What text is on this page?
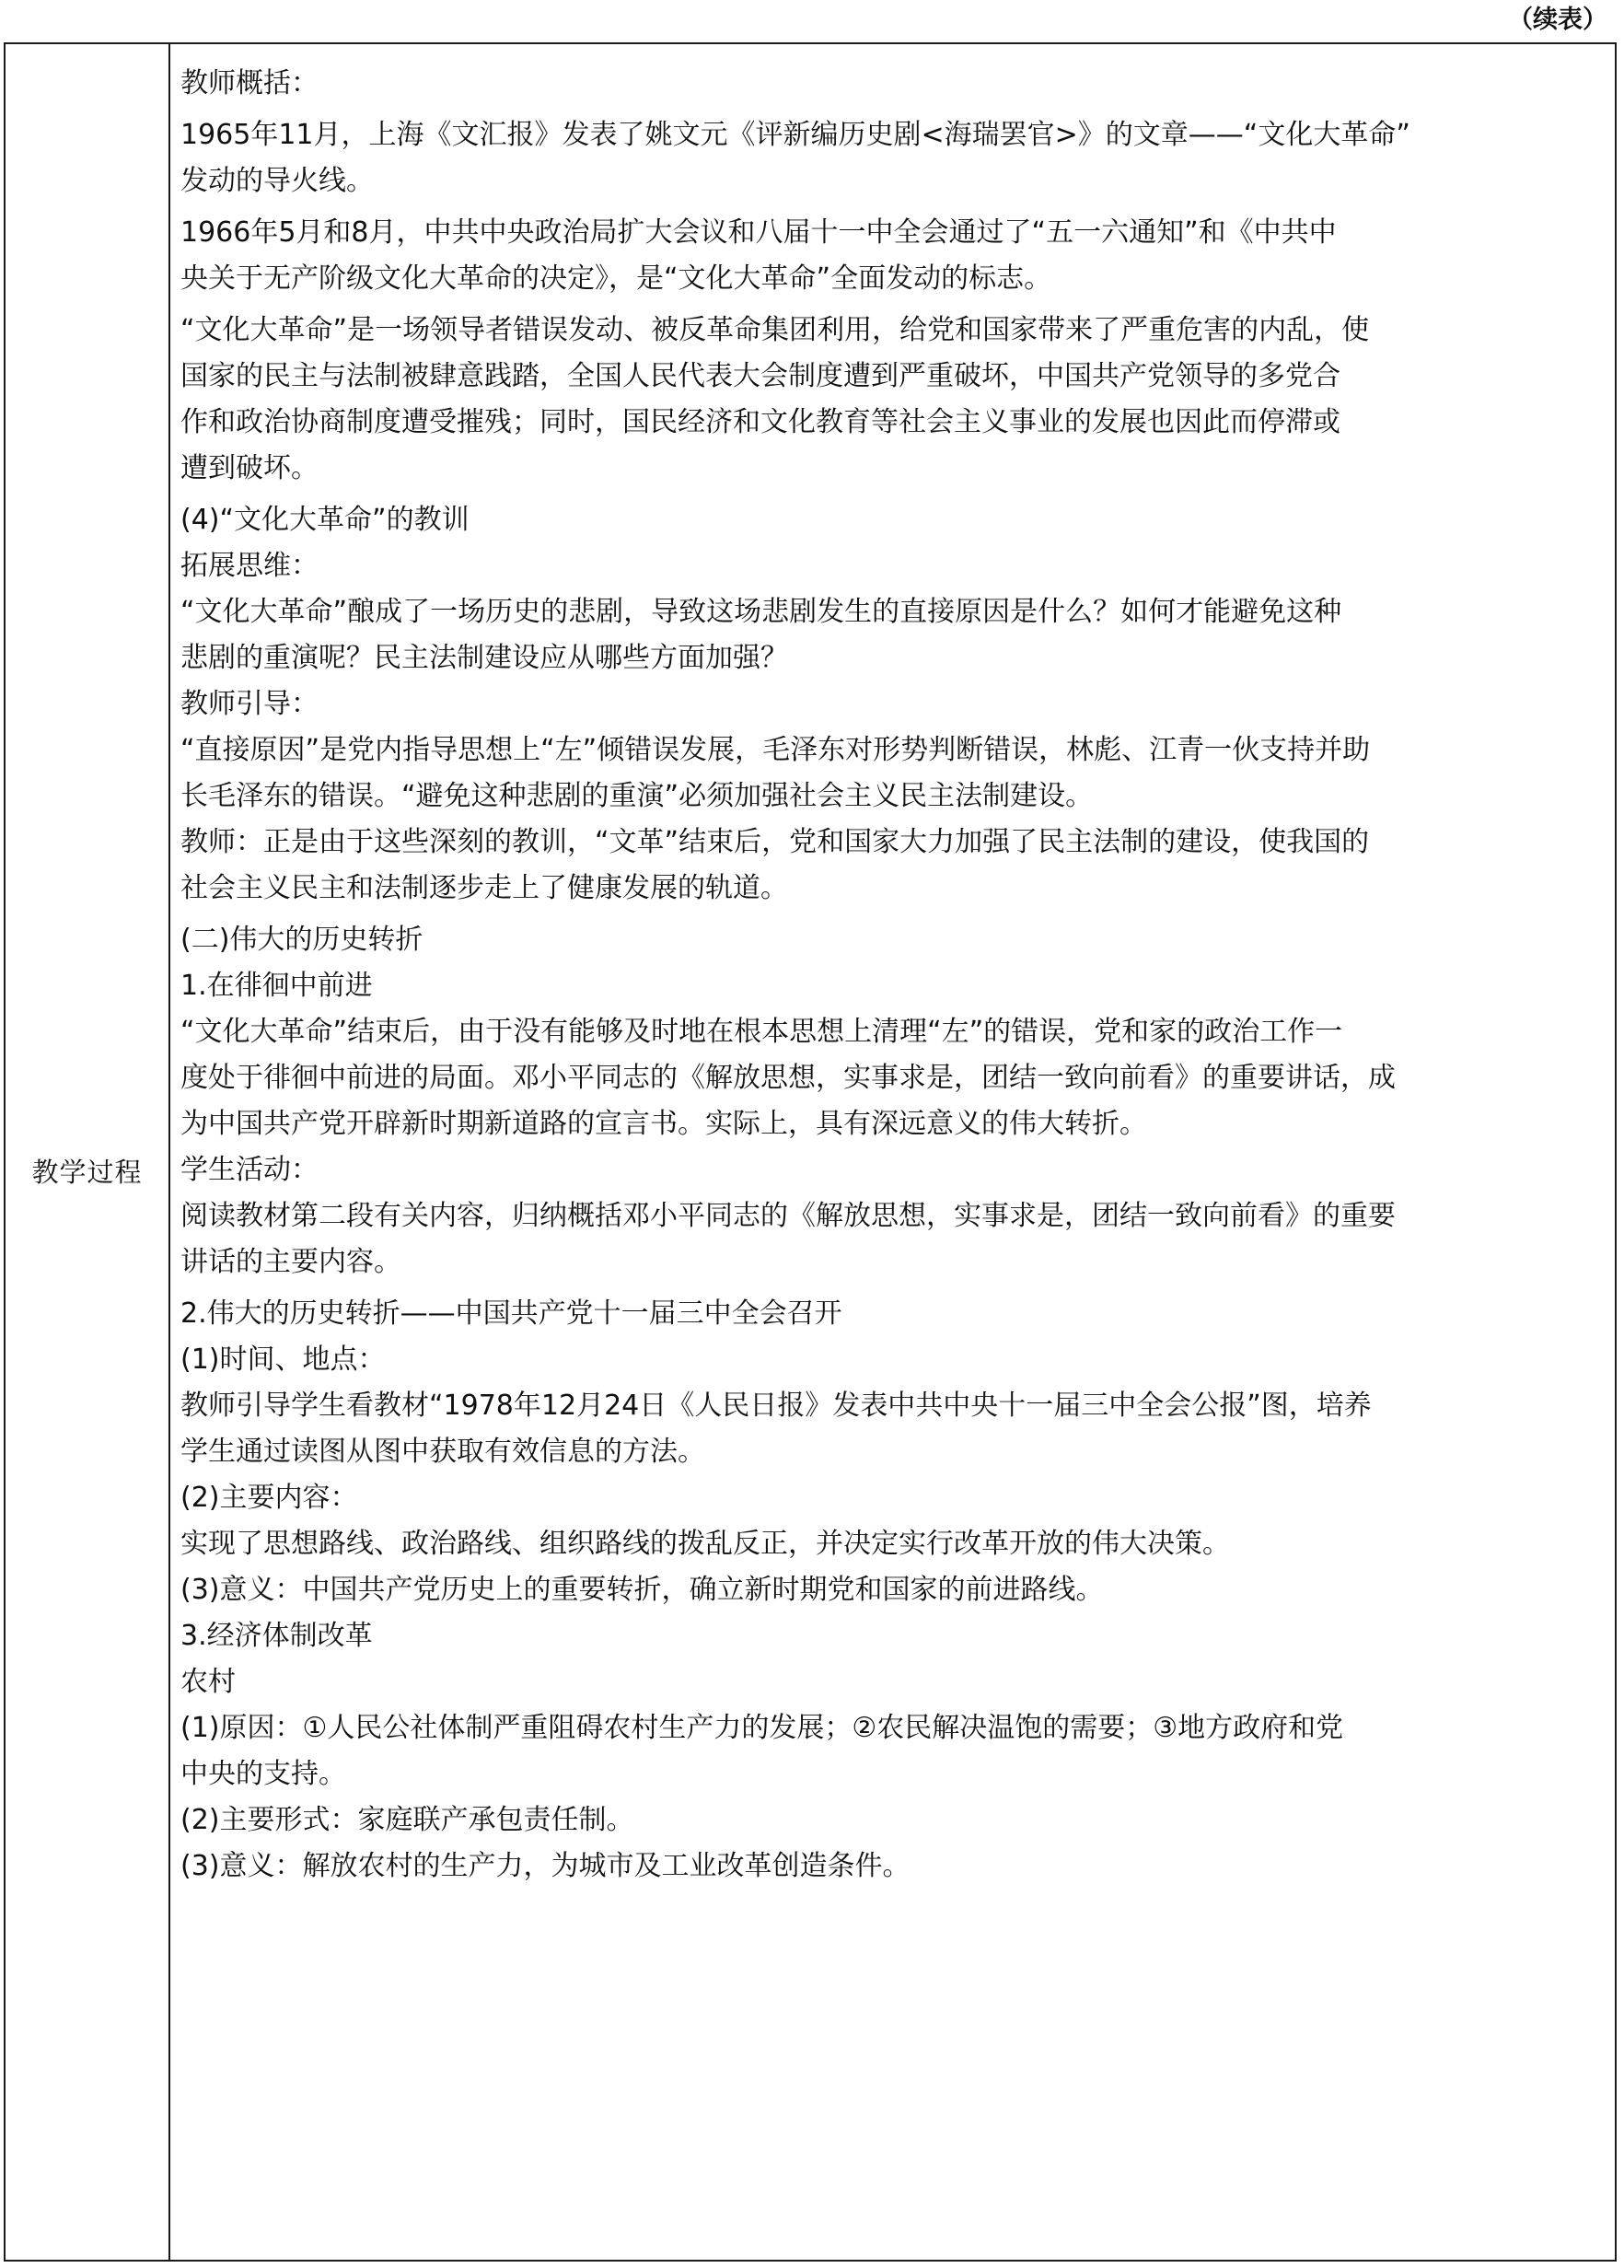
（续表）
教学过程
教师概括：
1965年11月，上海《文汇报》发表了姚文元《评新编历史剧<海瑞罢官>》的文章——“文化大革命”
发动的导火线。
1966年5月和8月，中共中央政治局扩大会议和八届十一中全会通过了“五一六通知”和《中共中
央关于无产阶级文化大革命的决定》，是“文化大革命”全面发动的标志。
“文化大革命”是一场领导者错误发动、被反革命集团利用，给党和国家带来了严重危害的内乱，使
国家的民主与法制被肆意践踏，全国人民代表大会制度遭到严重破坏，中国共产党领导的多党合
作和政治协商制度遭受摧残；同时，国民经济和文化教育等社会主义事业的发展也因此而停滞或
遭到破坏。
(4)“文化大革命”的教训
拓展思维：
“文化大革命”酿成了一场历史的悲剧，导致这场悲剧发生的直接原因是什么？如何才能避免这种
悲剧的重演呢？民主法制建设应从哪些方面加强？
教师引导：
“直接原因”是党内指导思想上“左”倾错误发展，毛泽东对形势判断错误，林彪、江青一伙支持并助
长毛泽东的错误。“避免这种悲剧的重演”必须加强社会主义民主法制建设。
教师：正是由于这些深刻的教训，“文革”结束后，党和国家大力加强了民主法制的建设，使我国的
社会主义民主和法制逐步走上了健康发展的轨道。
(二)伟大的历史转折
1.在徘徊中前进
“文化大革命”结束后，由于没有能够及时地在根本思想上清理“左”的错误，党和家的政治工作一
度处于徘徊中前进的局面。邓小平同志的《解放思想，实事求是，团结一致向前看》的重要讲话，成
为中国共产党开辟新时期新道路的宣言书。实际上，具有深远意义的伟大转折。
学生活动：
阅读教材第二段有关内容，归纳概括邓小平同志的《解放思想，实事求是，团结一致向前看》的重要
讲话的主要内容。
2.伟大的历史转折——中国共产党十一届三中全会召开
(1)时间、地点：
教师引导学生看教材“1978年12月24日《人民日报》发表中共中央十一届三中全会公报”图，培养
学生通过读图从图中获取有效信息的方法。
(2)主要内容：
实现了思想路线、政治路线、组织路线的拨乱反正，并决定实行改革开放的伟大决策。
(3)意义：中国共产党历史上的重要转折，确立新时期党和国家的前进路线。
3.经济体制改革
农村
(1)原因：①人民公社体制严重阻碍农村生产力的发展；②农民解决温饱的需要；③地方政府和党
中央的支持。
(2)主要形式：家庭联产承包责任制。
(3)意义：解放农村的生产力，为城市及工业改革创造条件。
